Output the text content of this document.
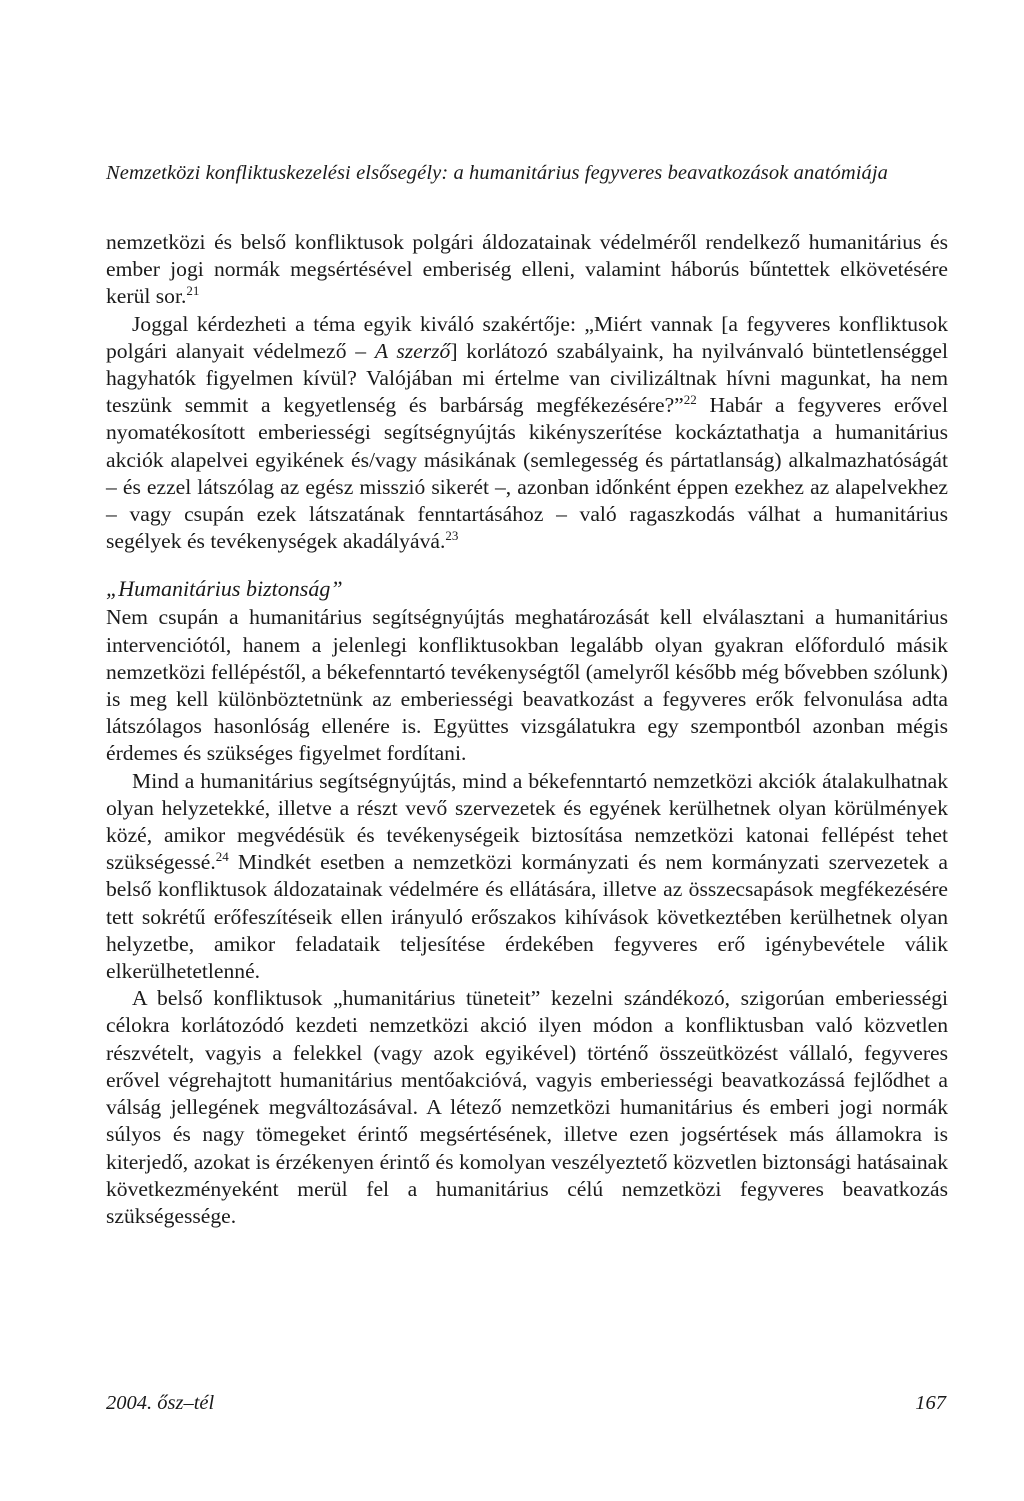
Nemzetközi konfliktuskezelési elsősegély: a humanitárius fegyveres beavatkozások anatómiája

nemzetközi és belső konfliktusok polgári áldozatainak védelméről rendelkező humanitárius és ember jogi normák megsértésével emberiség elleni, valamint háborús bűntettek elkövetésére kerül sor.$^{21}$

Joggal kérdezheti a téma egyik kiváló szakértője: „Miért vannak [a fegyveres konfliktusok polgári alanyait védelmező – A szerző] korlátozó szabályaink, ha nyilvánvaló büntetlenséggel hagyhatók figyelmen kívül? Valójában mi értelme van civilizáltnak hívni magunkat, ha nem teszünk semmit a kegyetlenség és barbárság megfékezésére?”$^{22}$ Habár a fegyveres erővel nyomatékosított emberiességi segítségnyújtás kikényszerítése kockáztathatja a humanitárius akciók alapelvei egyikének és/vagy másikának (semlegesség és pártatlanság) alkalmazhatóságát – és ezzel látszólag az egész misszió sikerét –, azonban időnként éppen ezekhez az alapelvekhez – vagy csupán ezek látszatának fenntartásához – való ragaszkodás válhat a humanitárius segélyek és tevékenységek akadályává.$^{23}$

„Humanitárius biztonság”

Nem csupán a humanitárius segítségnyújtás meghatározását kell elválasztani a humanitárius intervenciótól, hanem a jelenlegi konfliktusokban legalább olyan gyakran előforduló másik nemzetközi fellépéstől, a békefenntartó tevékenységtől (amelyről később még bővebben szólunk) is meg kell különböztetnünk az emberiességi beavatkozást a fegyveres erők felvonulása adta látszólagos hasonlóság ellenére is. Együttes vizsgálatukra egy szempontból azonban mégis érdemes és szükséges figyelmet fordítani.

Mind a humanitárius segítségnyújtás, mind a békefenntartó nemzetközi akciók átalakulhatnak olyan helyzetekké, illetve a részt vevő szervezetek és egyének kerülhetnek olyan körülmények közé, amikor megvédésük és tevékenységeik biztosítása nemzetközi katonai fellépést tehet szükségessé.$^{24}$ Mindkét esetben a nemzetközi kormányzati és nem kormányzati szervezetek a belső konfliktusok áldozatainak védelmére és ellátására, illetve az összecsapások megfékezésére tett sokrétű erőfeszítéseik ellen irányuló erőszakos kihívások következtében kerülhetnek olyan helyzetbe, amikor feladataik teljesítése érdekében fegyveres erő igénybevétele válik elkerülhetetlenné.

A belső konfliktusok „humanitárius tüneteit” kezelni szándékozó, szigorúan emberiességi célokra korlátozódó kezdeti nemzetközi akció ilyen módon a konfliktusban való közvetlen részvételt, vagyis a felekkel (vagy azok egyikével) történő összeütközést vállaló, fegyveres erővel végrehajtott humanitárius mentőakcióvá, vagyis emberiességi beavatkozássá fejlődhet a válság jellegének megváltozásával. A létező nemzetközi humanitárius és emberi jogi normák súlyos és nagy tömegeket érintő megsértésének, illetve ezen jogsértések más államokra is kiterjedő, azokat is érzékenyen érintő és komolyan veszélyeztető közvetlen biztonsági hatásainak következményeként merül fel a humanitárius célú nemzetközi fegyveres beavatkozás szükségessége.

2004. ősz–tél	167
